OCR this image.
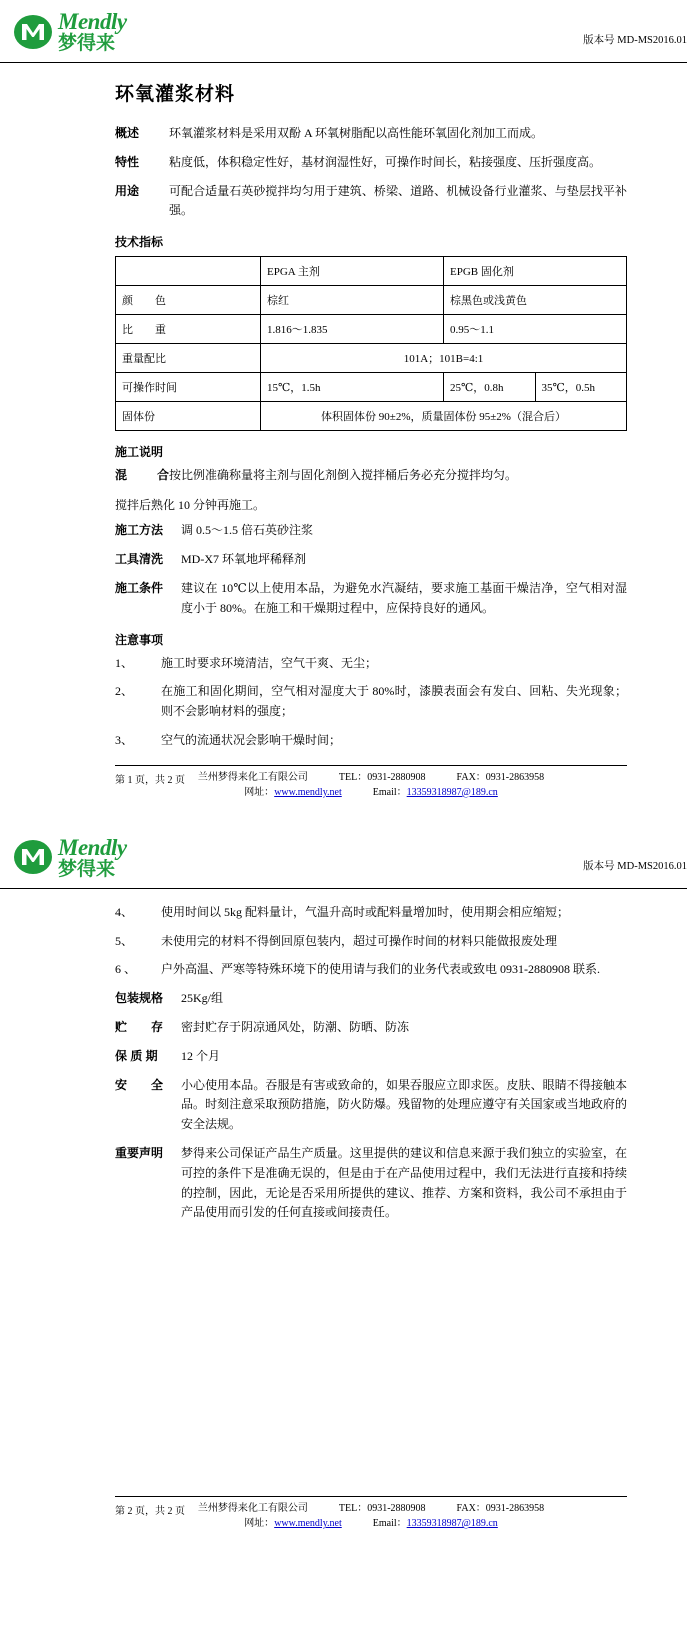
Mendly
梦得来	版本号 MD-MS2016.01
环氧灌浆材料
概述	环氧灌浆材料是采用双酚 A 环氧树脂配以高性能环氧固化剂加工而成。
特性	粘度低，体积稳定性好，基材润湿性好，可操作时间长，粘接强度、压折强度高。
用途	可配合适量石英砂搅拌均匀用于建筑、桥梁、道路、机械设备行业灌浆、与垫层找平补强。
技术指标
	EPGA 主剂	EPGB 固化剂	
颜　　色	棕红	棕黑色或浅黄色	
比　　重	1.816～1.835	0.95～1.1	
重量配比	101A；101B=4:1		
可操作时间	15℃，1.5h	25℃，0.8h	35℃，0.5h
固体份	体积固体份 90±2%，质量固体份 95±2%（混合后）		
施工说明
混 合 按比例准确称量将主剂与固化剂倒入搅拌桶后务必充分搅拌均匀。
搅拌后熟化 10 分钟再施工。
施工方法	调 0.5～1.5 倍石英砂注浆
工具清洗	MD-X7 环氧地坪稀释剂
施工条件	建议在 10℃以上使用本品，为避免水汽凝结，要求施工基面干燥洁净，空气相对湿度小于 80%。在施工和干燥期过程中，应保持良好的通风。
注意事项
1、	施工时要求环境清洁，空气干爽、无尘；
2、	在施工和固化期间，空气相对湿度大于 80%时，漆膜表面会有发白、回粘、失光现象；则不会影响材料的强度；
3、	空气的流通状况会影响干燥时间；
第 1 页，共 2 页	兰州梦得来化工有限公司	TEL：0931-2880908	FAX：0931-2863958
网址：www.mendly.net	Email：13359318987@189.cn
Mendly
梦得来	版本号 MD-MS2016.01
4、	使用时间以 5kg 配料量计，气温升高时或配料量增加时，使用期会相应缩短；
5、	未使用完的材料不得倒回原包装内，超过可操作时间的材料只能做报废处理
6 、	户外高温、严寒等特殊环境下的使用请与我们的业务代表或致电 0931-2880908 联系.
包装规格	25Kg/组
贮　　存	密封贮存于阴凉通风处，防潮、防晒、防冻
保 质 期	12 个月
安　　全	小心使用本品。吞服是有害或致命的，如果吞服应立即求医。皮肤、眼睛不得接触本品。时刻注意采取预防措施，防火防爆。残留物的处理应遵守有关国家或当地政府的安全法规。
重要声明	梦得来公司保证产品生产质量。这里提供的建议和信息来源于我们独立的实验室，在可控的条件下是准确无误的，但是由于在产品使用过程中，我们无法进行直接和持续的控制，因此，无论是否采用所提供的建议、推荐、方案和资料，我公司不承担由于产品使用而引发的任何直接或间接责任。
第 2 页，共 2 页	兰州梦得来化工有限公司	TEL：0931-2880908	FAX：0931-2863958
网址：www.mendly.net	Email：13359318987@189.cn
